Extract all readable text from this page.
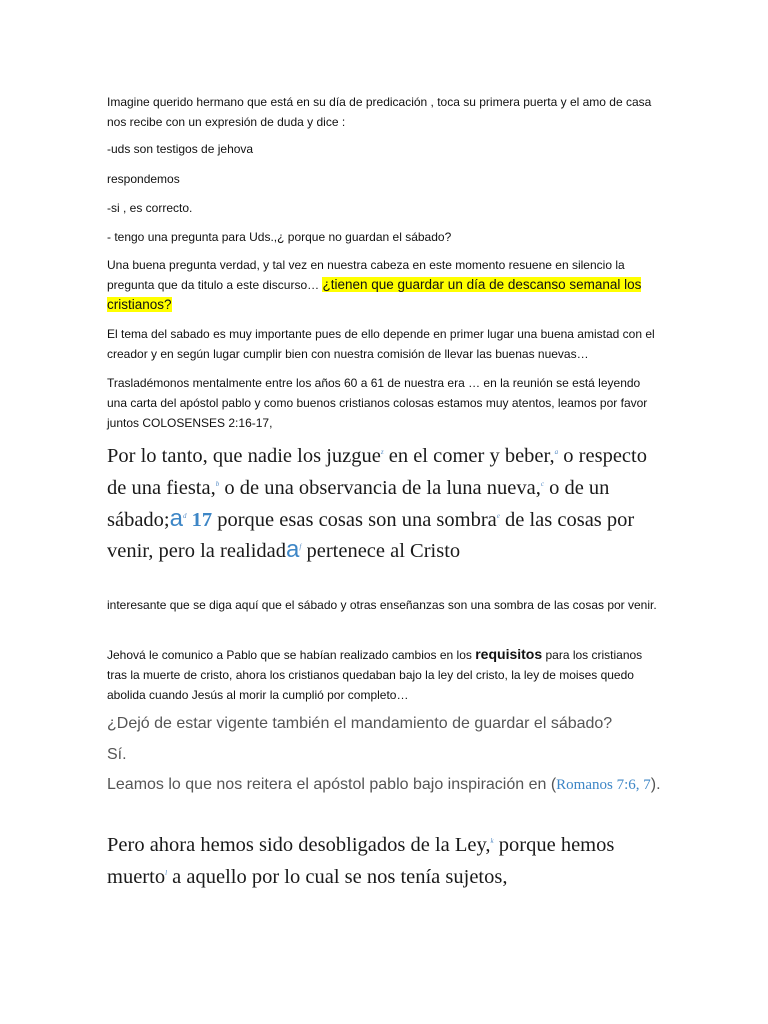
Imagine querido hermano que está en su día de predicación , toca su primera puerta y el amo de casa nos recibe con un expresión de duda y dice :

-uds son testigos de jehova

respondemos

-si , es correcto.

- tengo una pregunta para Uds.,¿ porque no guardan el sábado?

Una buena pregunta verdad, y tal vez en nuestra cabeza en este momento resuene en silencio la pregunta que da titulo a este discurso… ¿tienen que guardar un día de descanso semanal los cristianos?

El tema del sabado es muy importante pues de ello depende en primer lugar una buena amistad con el creador y en según lugar cumplir bien con nuestra comisión de llevar las buenas nuevas…

Trasladémonos mentalmente entre los años 60 a 61 de nuestra era … en la reunión se está leyendo una carta del apóstol pablo y como buenos cristianos colosas estamos muy atentos, leamos por favor juntos COLOSENSES 2:16-17,

Por lo tanto, que nadie los juzgue$^z$ en el comer y beber,$^a$ o respecto de una fiesta,$^b$ o de una observancia de la luna nueva,$^c$ o de un sábado;a$^d$ 17 porque esas cosas son una sombra$^e$ de las cosas por venir, pero la realidada$^f$ pertenece al Cristo

interesante que se diga aquí que el sábado y otras enseñanzas son una sombra de las cosas por venir.

Jehová le comunico a Pablo que se habían realizado cambios en los requisitos para los cristianos tras la muerte de cristo, ahora los cristianos quedaban bajo la ley del cristo, la ley de moises quedo abolida cuando Jesús al morir la cumplió por completo…

¿Dejó de estar vigente también el mandamiento de guardar el sábado?

Sí.

Leamos lo que nos reitera el apóstol pablo bajo inspiración en (Romanos 7:6, 7).

Pero ahora hemos sido desobligados de la Ley,$^k$ porque hemos muerto$^l$ a aquello por lo cual se nos tenía sujetos,
